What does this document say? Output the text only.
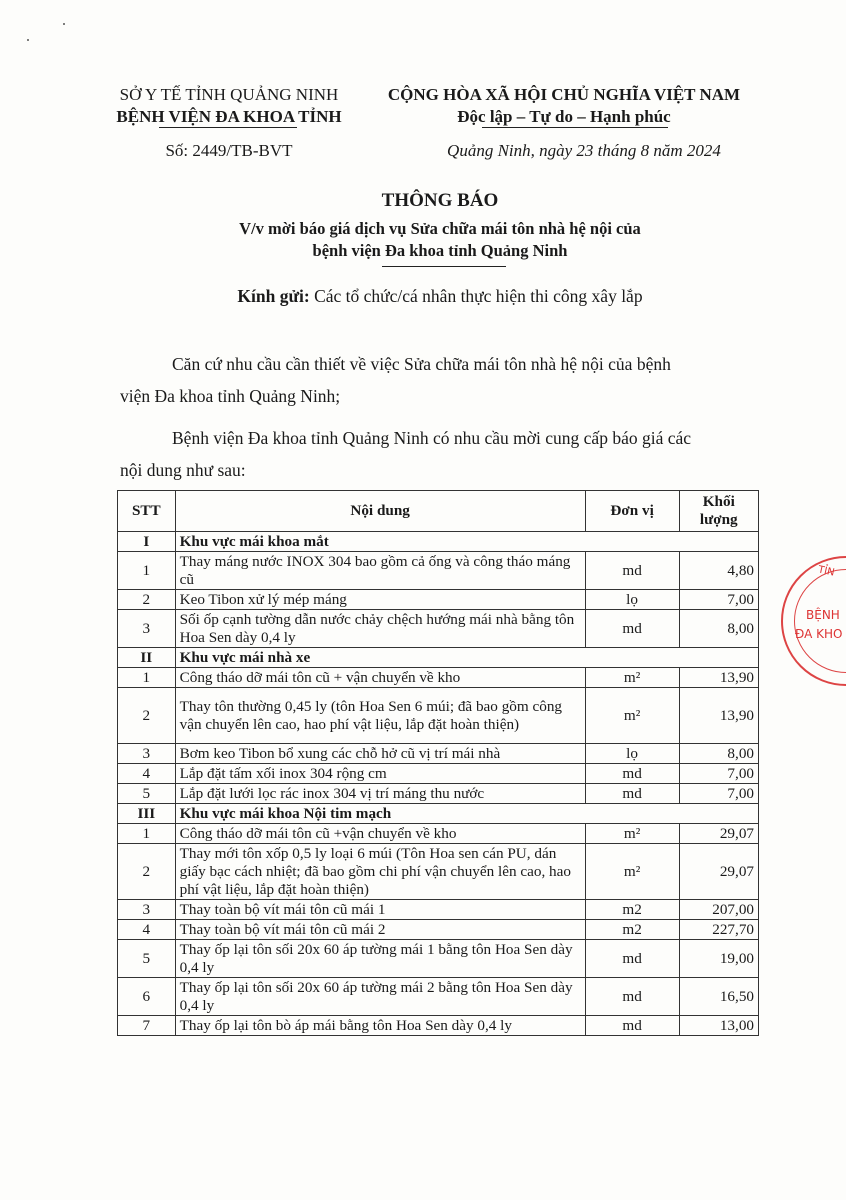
SỞ Y TẾ TỈNH QUẢNG NINH
BỆNH VIỆN ĐA KHOA TỈNH
Số: 2449/TB-BVT
CỘNG HÒA XÃ HỘI CHỦ NGHĨA VIỆT NAM
Độc lập – Tự do – Hạnh phúc
Quảng Ninh, ngày 23 tháng 8 năm 2024
THÔNG BÁO
V/v mời báo giá dịch vụ Sửa chữa mái tôn nhà hệ nội của
bệnh viện Đa khoa tỉnh Quảng Ninh
Kính gửi: Các tổ chức/cá nhân thực hiện thi công xây lắp
Căn cứ nhu cầu cần thiết về việc Sửa chữa mái tôn nhà hệ nội của bệnh
viện Đa khoa tỉnh Quảng Ninh;
Bệnh viện Đa khoa tỉnh Quảng Ninh có nhu cầu mời cung cấp báo giá các
nội dung như sau:
STT	Nội dung	Đơn vị	Khối lượng
I	Khu vực mái khoa mắt		
1	Thay máng nước INOX 304 bao gồm cả ống và công tháo máng cũ	md	4,80
2	Keo Tibon xử lý mép máng	lọ	7,00
3	Sối ốp cạnh tường dẫn nước chảy chệch hướng mái nhà bằng tôn Hoa Sen dày 0,4 ly	md	8,00
II	Khu vực mái nhà xe		
1	Công tháo dỡ mái tôn cũ + vận chuyển về kho	m²	13,90
2	Thay tôn thường 0,45 ly (tôn Hoa Sen 6 múi; đã bao gồm công vận chuyển lên cao, hao phí vật liệu, lắp đặt hoàn thiện)	m²	13,90
3	Bơm keo Tibon bổ xung các chỗ hở cũ vị trí mái nhà	lọ	8,00
4	Lắp đặt tấm xối inox 304 rộng cm	md	7,00
5	Lắp đặt lưới lọc rác inox 304 vị trí máng thu nước	md	7,00
III	Khu vực mái khoa Nội tim mạch		
1	Công tháo dỡ mái tôn cũ +vận chuyển về kho	m²	29,07
2	Thay mới tôn xốp 0,5 ly loại 6 múi (Tôn Hoa sen cán PU, dán giấy bạc cách nhiệt; đã bao gồm chi phí vận chuyển lên cao, hao phí vật liệu, lắp đặt hoàn thiện)	m²	29,07
3	Thay toàn bộ vít mái tôn cũ mái 1	m2	207,00
4	Thay toàn bộ vít mái tôn cũ mái 2	m2	227,70
5	Thay ốp lại tôn sối 20x 60 áp tường mái 1 bằng tôn Hoa Sen dày 0,4 ly	md	19,00
6	Thay ốp lại tôn sối 20x 60 áp tường mái 2 bằng tôn Hoa Sen dày 0,4 ly	md	16,50
7	Thay ốp lại tôn bò áp mái bằng tôn Hoa Sen dày 0,4 ly	md	13,00
TỈN
BỆNH
ĐA KHO
